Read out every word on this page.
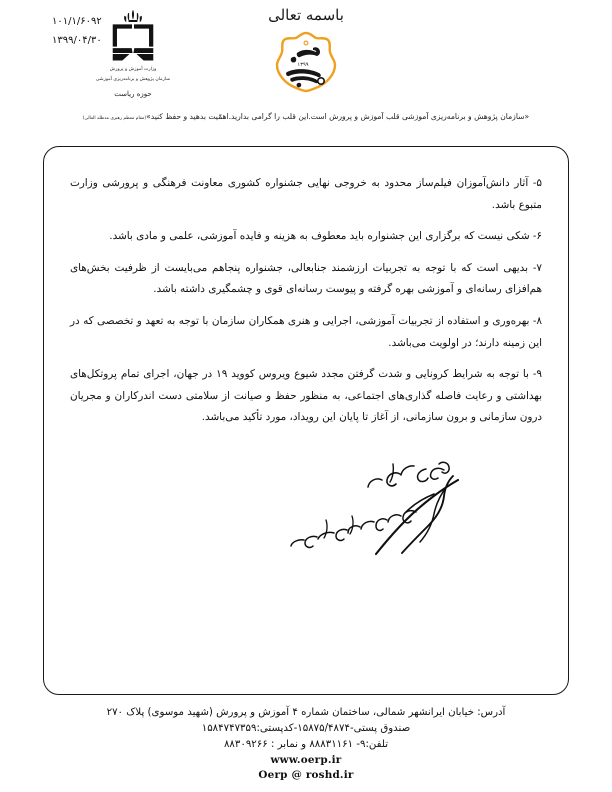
۱۰۱/۱/۶۰۹۲
۱۳۹۹/۰۴/۳۰
باسمه تعالی
۱۳۹۹
وزارت آموزش و پرورش
سازمان پژوهش و برنامه‌ریزی آموزشی
حوزه ریاست
«سازمان پژوهش و برنامه‌ریزی آموزشی قلب آموزش و پرورش است.این قلب را گرامی بدارید.اهمّیت بدهید و حفظ کنید»(مقام معظم رهبری مدظله العالی)

۵- آثار دانش‌آموزان فیلم‌ساز محدود به خروجی نهایی جشنواره کشوری معاونت فرهنگی و پرورشی وزارت متبوع باشد.

۶- شکی نیست که برگزاری این جشنواره باید معطوف به هزینه و فایده آموزشی، علمی و مادی باشد.

۷- بدیهی است که با توجه به تجربیات ارزشمند جنابعالی، جشنواره پنجاهم می‌بایست از ظرفیت بخش‌های هم‌افزای رسانه‌ای و آموزشی بهره گرفته و پیوست رسانه‌ای قوی و چشمگیری داشته باشد.

۸- بهره‌وری و استفاده از تجربیات آموزشی، اجرایی و هنری همکاران سازمان با توجه به تعهد و تخصصی که در این زمینه دارند؛ در اولویت می‌باشد.

۹- با توجه به شرایط کرونایی و شدت گرفتن مجدد شیوع ویروس کووید ۱۹ در جهان، اجرای تمام پروتکل‌های بهداشتی و رعایت فاصله گذاری‌های اجتماعی، به منظور حفظ و صیانت از سلامتی دست اندرکاران و مجریان درون سازمانی و برون سازمانی، از آغاز تا پایان این رویداد، مورد تأکید می‌باشد.

آدرس: خیابان ایرانشهر شمالی، ساختمان شماره ۴ آموزش و پرورش (شهید موسوی) پلاک ۲۷۰
صندوق پستی-۱۵۸۷۵/۴۸۷۴-کدپستی:۱۵۸۴۷۴۷۳۵۹
تلفن:۹- ۸۸۸۳۱۱۶۱ و نمابر : ۸۸۳۰۹۲۶۶
www.oerp.ir
Oerp @ roshd.ir
